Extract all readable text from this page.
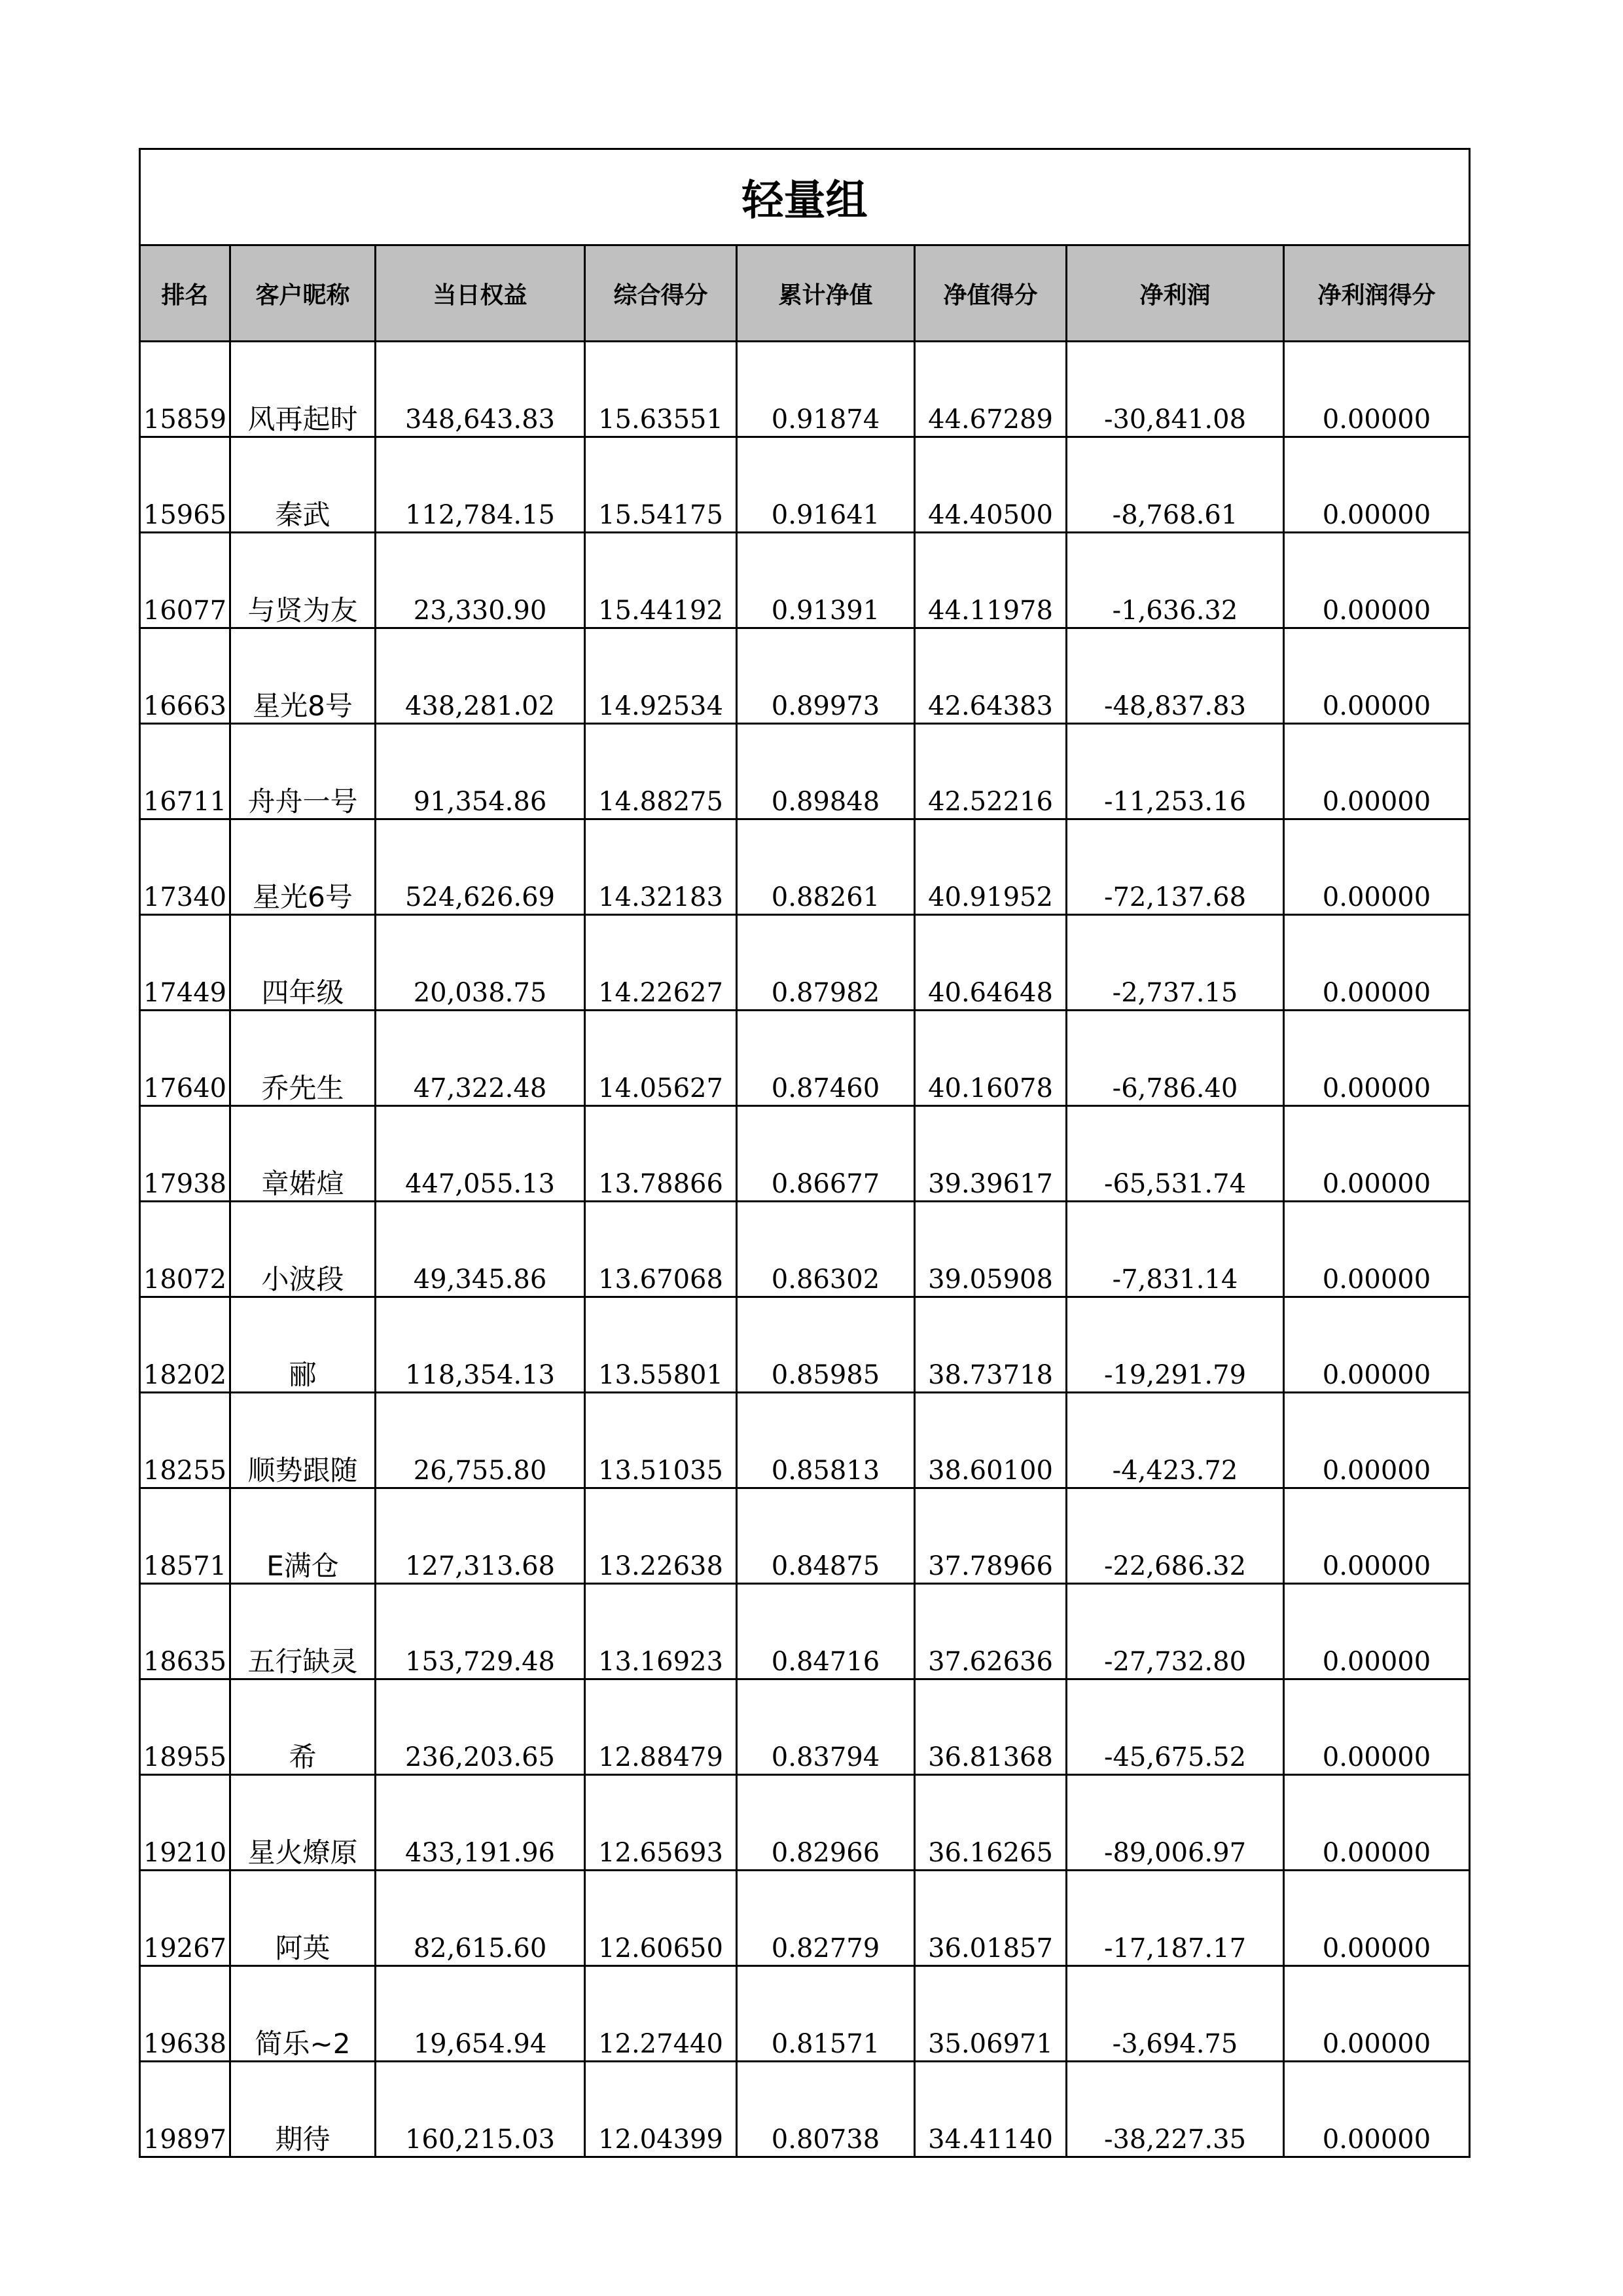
轻量组							
排名	客户昵称	当日权益	综合得分	累计净值	净值得分	净利润	净利润得分
15859	风再起时	348,643.83	15.63551	0.91874	44.67289	-30,841.08	0.00000
15965	秦武	112,784.15	15.54175	0.91641	44.40500	-8,768.61	0.00000
16077	与贤为友	23,330.90	15.44192	0.91391	44.11978	-1,636.32	0.00000
16663	星光8号	438,281.02	14.92534	0.89973	42.64383	-48,837.83	0.00000
16711	舟舟一号	91,354.86	14.88275	0.89848	42.52216	-11,253.16	0.00000
17340	星光6号	524,626.69	14.32183	0.88261	40.91952	-72,137.68	0.00000
17449	四年级	20,038.75	14.22627	0.87982	40.64648	-2,737.15	0.00000
17640	乔先生	47,322.48	14.05627	0.87460	40.16078	-6,786.40	0.00000
17938	章婼煊	447,055.13	13.78866	0.86677	39.39617	-65,531.74	0.00000
18072	小波段	49,345.86	13.67068	0.86302	39.05908	-7,831.14	0.00000
18202	郦	118,354.13	13.55801	0.85985	38.73718	-19,291.79	0.00000
18255	顺势跟随	26,755.80	13.51035	0.85813	38.60100	-4,423.72	0.00000
18571	E满仓	127,313.68	13.22638	0.84875	37.78966	-22,686.32	0.00000
18635	五行缺灵	153,729.48	13.16923	0.84716	37.62636	-27,732.80	0.00000
18955	希	236,203.65	12.88479	0.83794	36.81368	-45,675.52	0.00000
19210	星火燎原	433,191.96	12.65693	0.82966	36.16265	-89,006.97	0.00000
19267	阿英	82,615.60	12.60650	0.82779	36.01857	-17,187.17	0.00000
19638	简乐~2	19,654.94	12.27440	0.81571	35.06971	-3,694.75	0.00000
19897	期待	160,215.03	12.04399	0.80738	34.41140	-38,227.35	0.00000
